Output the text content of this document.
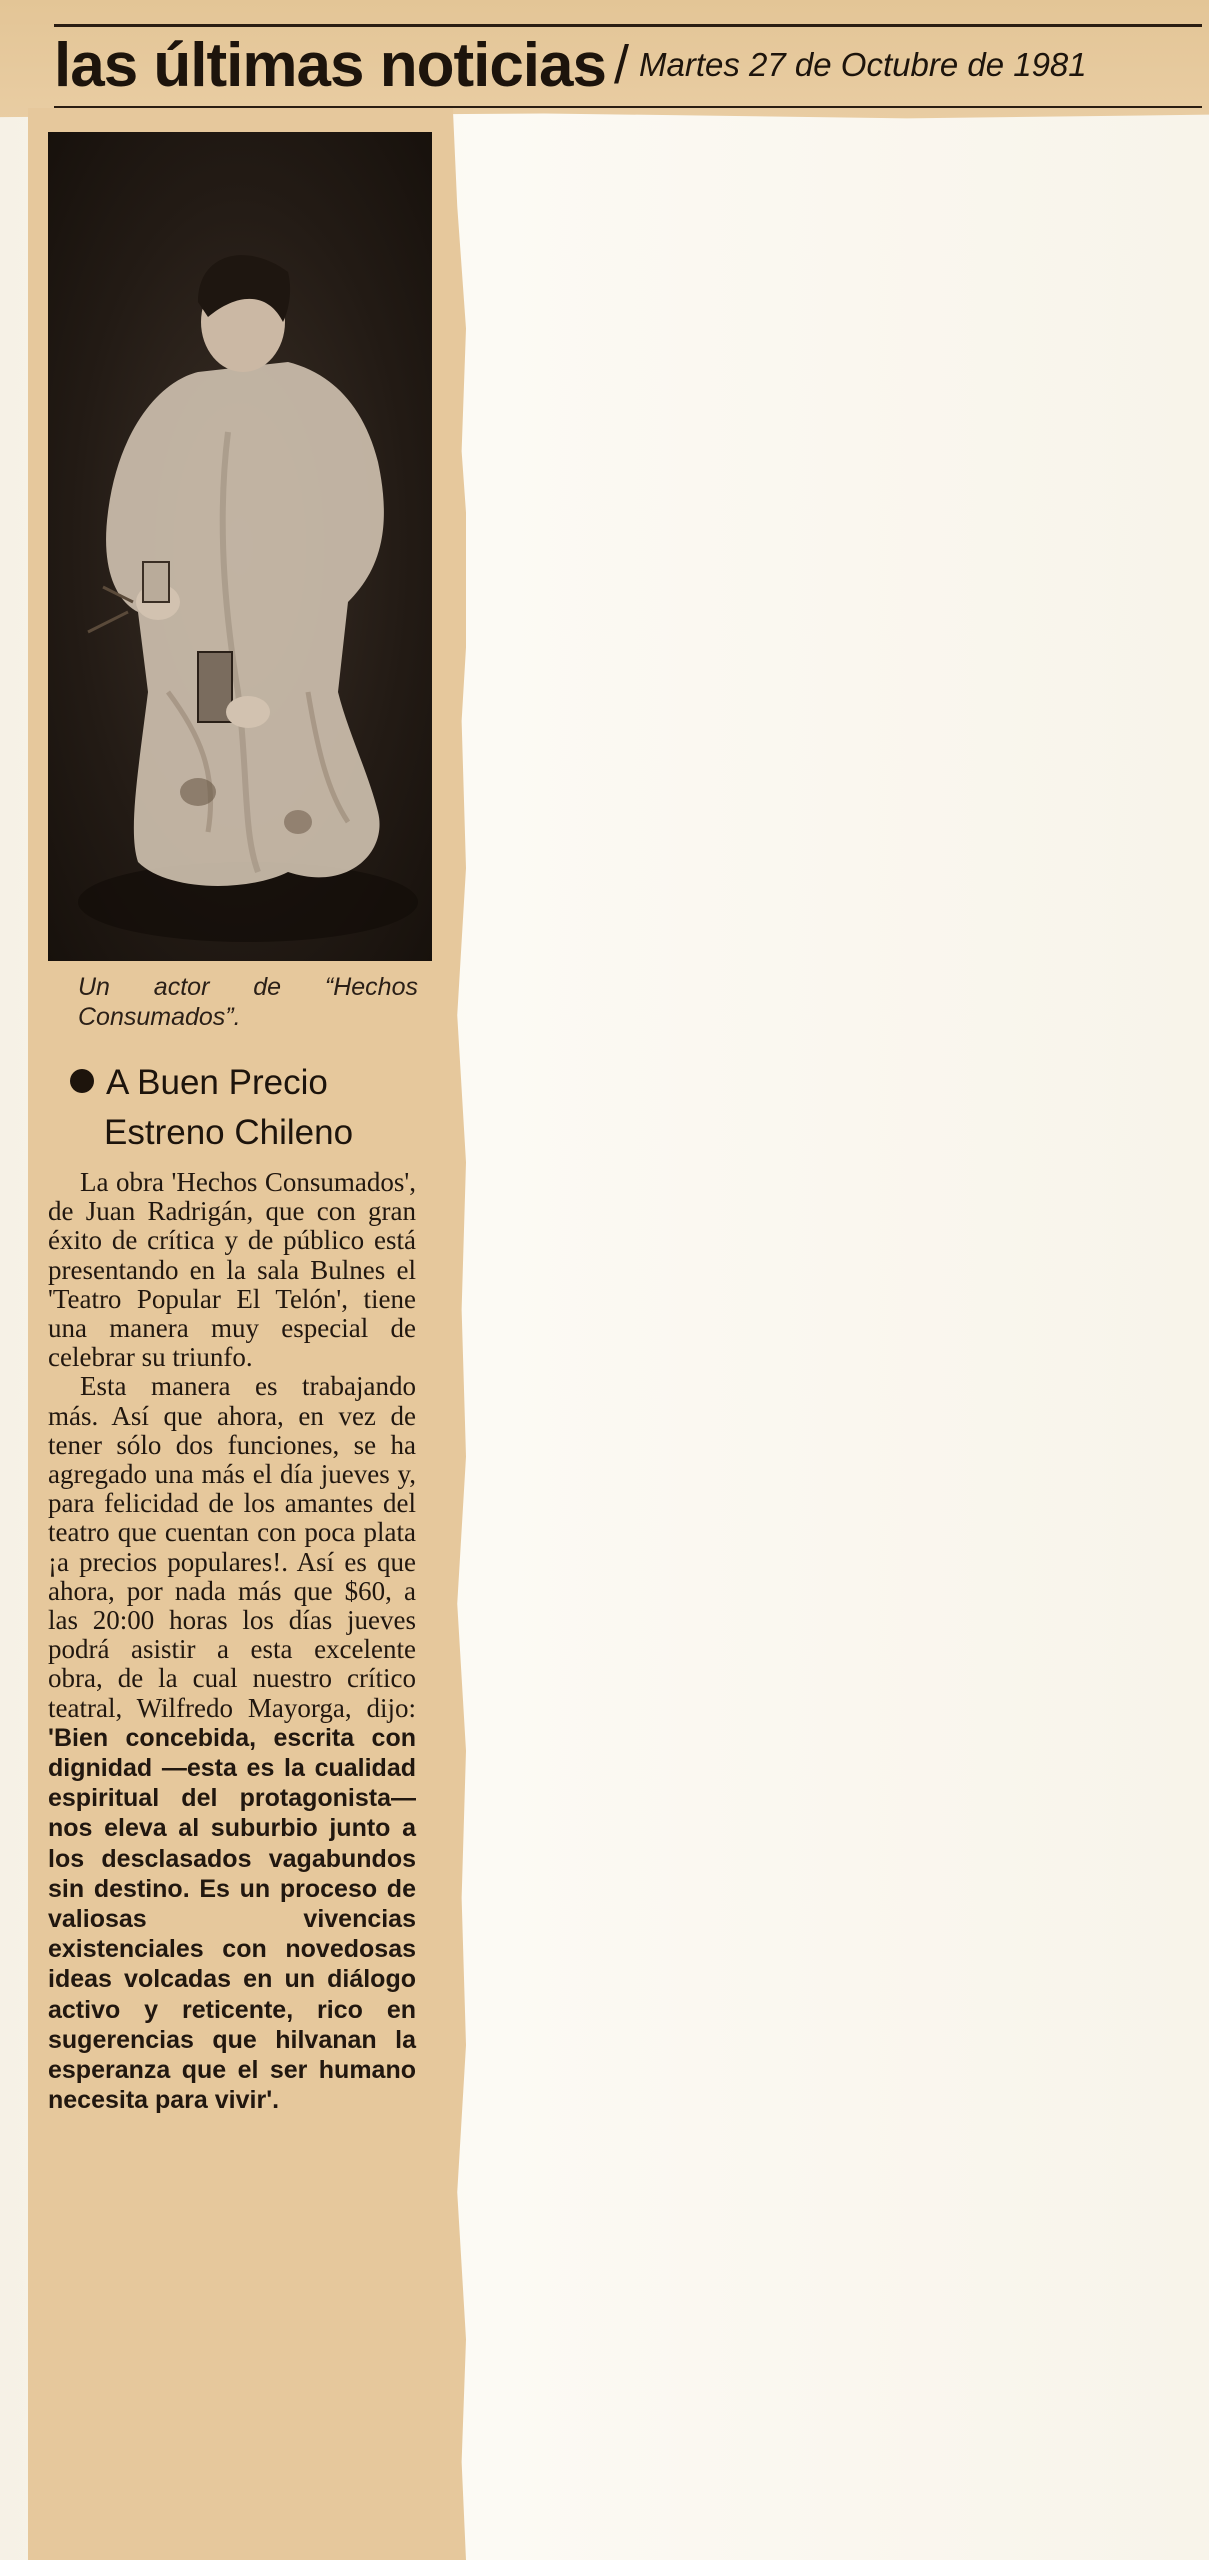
las últimas noticias / Martes 27 de Octubre de 1981
Un actor de “Hechos Consumados”.
A Buen Precio
Estreno Chileno

La obra 'Hechos Consumados', de Juan Radrigán, que con gran éxito de crítica y de público está presentando en la sala Bulnes el 'Teatro Popular El Telón', tiene una manera muy especial de celebrar su triunfo.

Esta manera es trabajando más. Así que ahora, en vez de tener sólo dos funciones, se ha agregado una más el día jueves y, para felicidad de los amantes del teatro que cuentan con poca plata ¡a precios populares!. Así es que ahora, por nada más que $60, a las 20:00 horas los días jueves podrá asistir a esta excelente obra, de la cual nuestro crítico teatral, Wilfredo Mayorga, dijo: 'Bien concebida, escrita con dignidad —esta es la cualidad espiritual del protagonista— nos eleva al suburbio junto a los desclasados vagabundos sin destino. Es un proceso de valiosas vivencias existenciales con novedosas ideas volcadas en un diálogo activo y reticente, rico en sugerencias que hilvanan la esperanza que el ser humano necesita para vivir'.
